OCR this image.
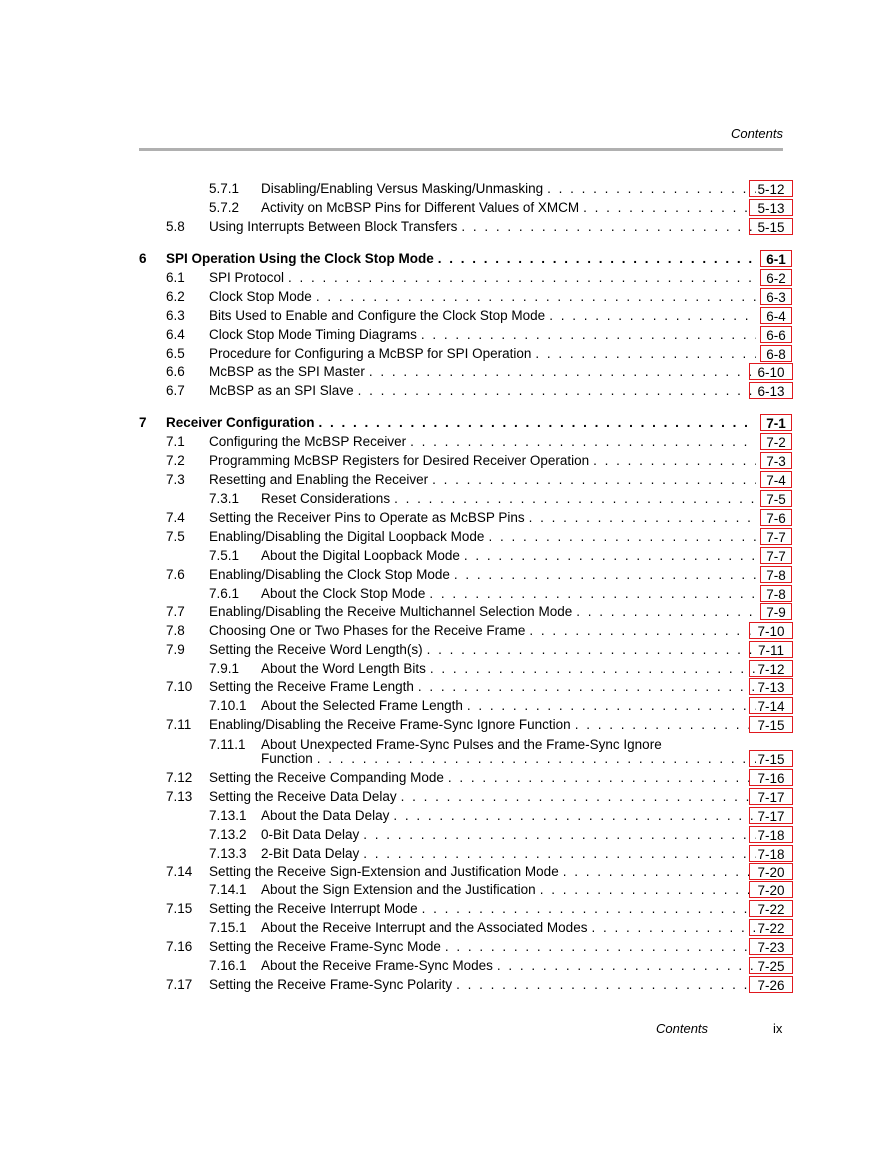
Contents
5.7.1 Disabling/Enabling Versus Masking/Unmasking . . .	5-12
5.7.2 Activity on McBSP Pins for Different Values of XMCM . . .	5-13
5.8 Using Interrupts Between Block Transfers . . .	5-15
6 SPI Operation Using the Clock Stop Mode . . .	6-1
6.1 SPI Protocol . . .	6-2
6.2 Clock Stop Mode . . .	6-3
6.3 Bits Used to Enable and Configure the Clock Stop Mode . . .	6-4
6.4 Clock Stop Mode Timing Diagrams . . .	6-6
6.5 Procedure for Configuring a McBSP for SPI Operation . . .	6-8
6.6 McBSP as the SPI Master . . .	6-10
6.7 McBSP as an SPI Slave . . .	6-13
7 Receiver Configuration . . .	7-1
7.1 Configuring the McBSP Receiver . . .	7-2
7.2 Programming McBSP Registers for Desired Receiver Operation . . .	7-3
7.3 Resetting and Enabling the Receiver . . .	7-4
7.3.1 Reset Considerations . . .	7-5
7.4 Setting the Receiver Pins to Operate as McBSP Pins . . .	7-6
7.5 Enabling/Disabling the Digital Loopback Mode . . .	7-7
7.5.1 About the Digital Loopback Mode . . .	7-7
7.6 Enabling/Disabling the Clock Stop Mode . . .	7-8
7.6.1 About the Clock Stop Mode . . .	7-8
7.7 Enabling/Disabling the Receive Multichannel Selection Mode . . .	7-9
7.8 Choosing One or Two Phases for the Receive Frame . . .	7-10
7.9 Setting the Receive Word Length(s) . . .	7-11
7.9.1 About the Word Length Bits . . .	7-12
7.10 Setting the Receive Frame Length . . .	7-13
7.10.1 About the Selected Frame Length . . .	7-14
7.11 Enabling/Disabling the Receive Frame-Sync Ignore Function . . .	7-15
7.11.1 About Unexpected Frame-Sync Pulses and the Frame-Sync Ignore
Function . . .	7-15
7.12 Setting the Receive Companding Mode . . .	7-16
7.13 Setting the Receive Data Delay . . .	7-17
7.13.1 About the Data Delay . . .	7-17
7.13.2 0-Bit Data Delay . . .	7-18
7.13.3 2-Bit Data Delay . . .	7-18
7.14 Setting the Receive Sign-Extension and Justification Mode . . .	7-20
7.14.1 About the Sign Extension and the Justification . . .	7-20
7.15 Setting the Receive Interrupt Mode . . .	7-22
7.15.1 About the Receive Interrupt and the Associated Modes . . .	7-22
7.16 Setting the Receive Frame-Sync Mode . . .	7-23
7.16.1 About the Receive Frame-Sync Modes . . .	7-25
7.17 Setting the Receive Frame-Sync Polarity . . .	7-26
Contents	ix
